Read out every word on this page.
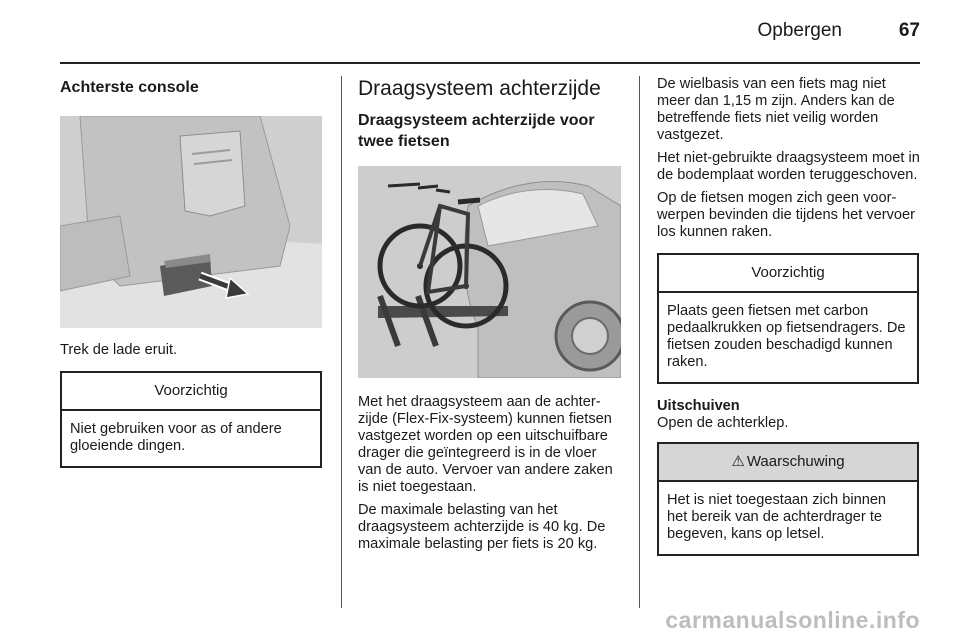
Opbergen	67
Achterste console

Trek de lade eruit.

Voorzichtig
Niet gebruiken voor as of andere gloeiende dingen.
Draagsysteem achterzijde
Draagsysteem achterzijde voor twee fietsen

Met het draagsysteem aan de achterzijde (Flex-Fix-systeem) kunnen fietsen vastgezet worden op een uitschuifbare drager die geïntegreerd is in de vloer van de auto. Vervoer van andere zaken is niet toegestaan.

De maximale belasting van het draagsysteem achterzijde is 40 kg. De maximale belasting per fiets is 20 kg.

De wielbasis van een fiets mag niet meer dan 1,15 m zijn. Anders kan de betreffende fiets niet veilig worden vastgezet.

Het niet-gebruikte draagsysteem moet in de bodemplaat worden teruggeschoven.

Op de fietsen mogen zich geen voorwerpen bevinden die tijdens het vervoer los kunnen raken.

Voorzichtig
Plaats geen fietsen met carbon pedaalkrukken op fietsendragers. De fietsen zouden beschadigd kunnen raken.
Uitschuiven

Open de achterklep.

⚠ Waarschuwing
Het is niet toegestaan zich binnen het bereik van de achterdrager te begeven, kans op letsel.
carmanualsonline.info
